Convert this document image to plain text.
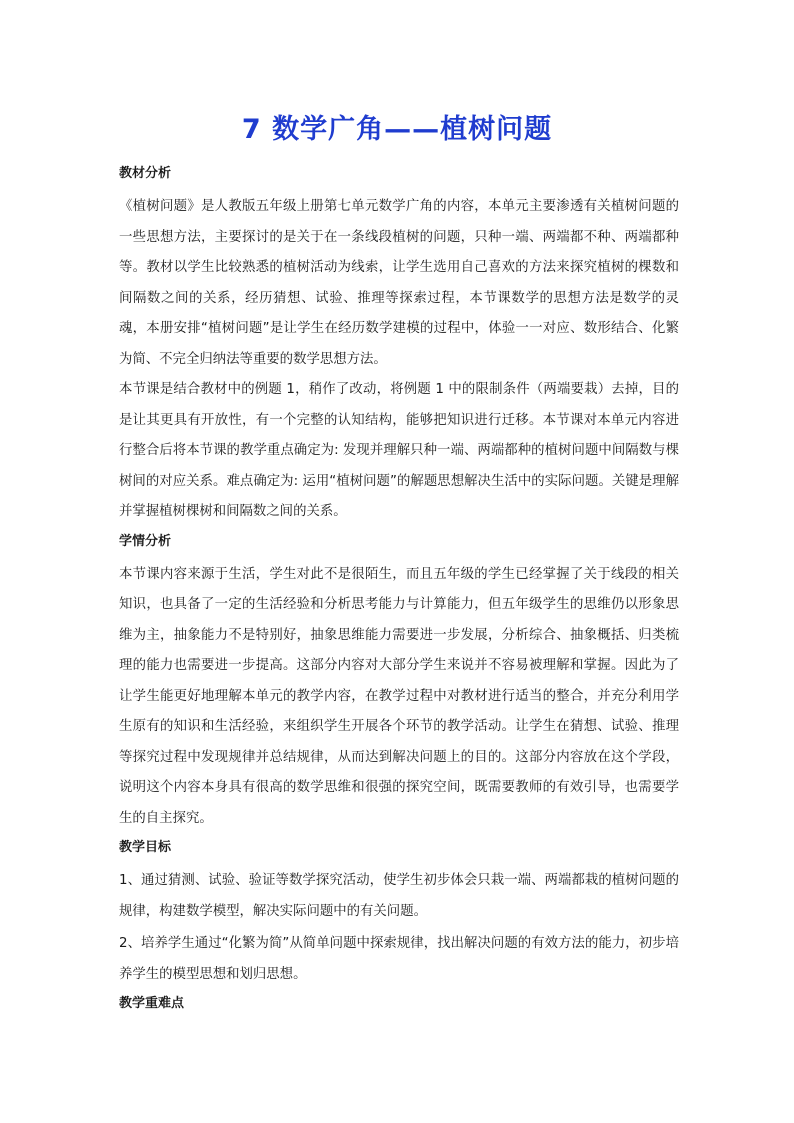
7 数学广角——植树问题
教材分析

《植树问题》是人教版五年级上册第七单元数学广角的内容，本单元主要渗透有关植树问题的一些思想方法，主要探讨的是关于在一条线段植树的问题，只种一端、两端都不种、两端都种等。教材以学生比较熟悉的植树活动为线索，让学生选用自己喜欢的方法来探究植树的棵数和间隔数之间的关系，经历猜想、试验、推理等探索过程，本节课数学的思想方法是数学的灵魂，本册安排“植树问题”是让学生在经历数学建模的过程中，体验一一对应、数形结合、化繁为简、不完全归纳法等重要的数学思想方法。

本节课是结合教材中的例题 1，稍作了改动，将例题 1 中的限制条件（两端要栽）去掉，目的是让其更具有开放性，有一个完整的认知结构，能够把知识进行迁移。本节课对本单元内容进行整合后将本节课的教学重点确定为: 发现并理解只种一端、两端都种的植树问题中间隔数与棵树间的对应关系。难点确定为: 运用“植树问题”的解题思想解决生活中的实际问题。关键是理解并掌握植树棵树和间隔数之间的关系。

学情分析

本节课内容来源于生活，学生对此不是很陌生，而且五年级的学生已经掌握了关于线段的相关知识，也具备了一定的生活经验和分析思考能力与计算能力，但五年级学生的思维仍以形象思维为主，抽象能力不是特别好，抽象思维能力需要进一步发展，分析综合、抽象概括、归类梳理的能力也需要进一步提高。这部分内容对大部分学生来说并不容易被理解和掌握。因此为了让学生能更好地理解本单元的教学内容，在教学过程中对教材进行适当的整合，并充分利用学生原有的知识和生活经验，来组织学生开展各个环节的教学活动。让学生在猜想、试验、推理等探究过程中发现规律并总结规律，从而达到解决问题上的目的。这部分内容放在这个学段，说明这个内容本身具有很高的数学思维和很强的探究空间，既需要教师的有效引导，也需要学生的自主探究。

教学目标

1、通过猜测、试验、验证等数学探究活动，使学生初步体会只栽一端、两端都栽的植树问题的规律，构建数学模型，解决实际问题中的有关问题。

2、培养学生通过“化繁为简”从简单问题中探索规律，找出解决问题的有效方法的能力，初步培养学生的模型思想和划归思想。

教学重难点
